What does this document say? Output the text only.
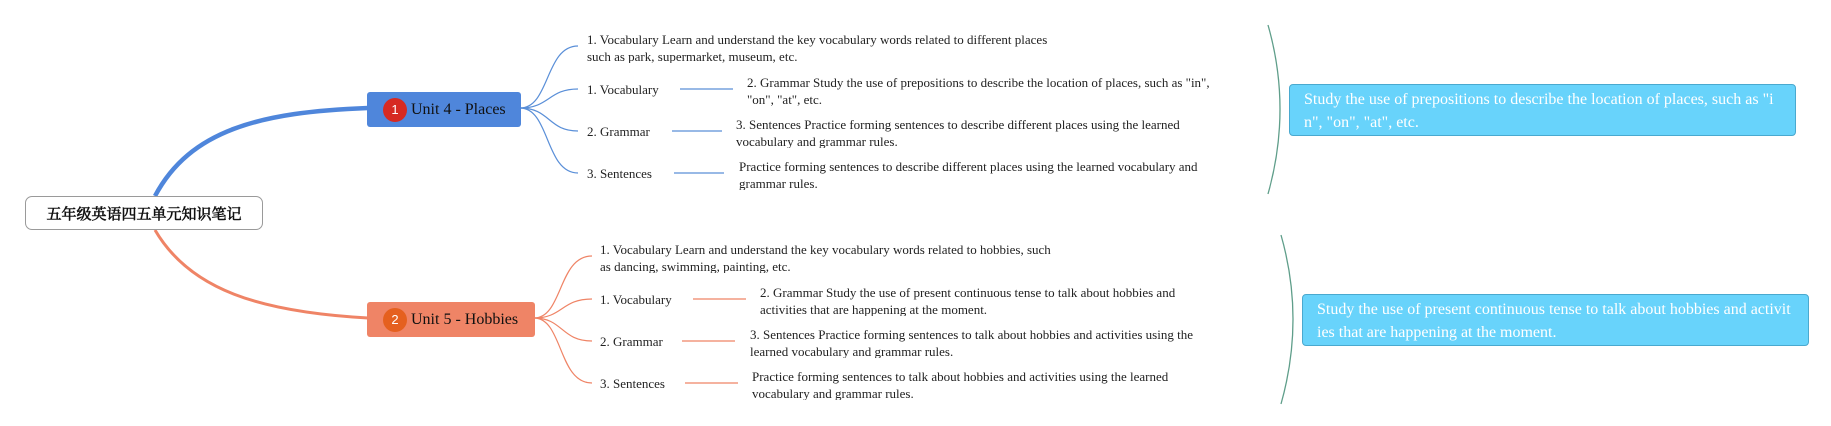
五年级英语四五单元知识笔记
1 Unit 4 - Places
1. Vocabulary Learn and understand the key vocabulary words related to different places
such as park, supermarket, museum, etc.
1. Vocabulary	2. Grammar Study the use of prepositions to describe the location of places, such as "in",
"on", "at", etc.
2. Grammar	3. Sentences Practice forming sentences to describe different places using the learned
vocabulary and grammar rules.
3. Sentences	Practice forming sentences to describe different places using the learned vocabulary and
grammar rules.
Study the use of prepositions to describe the location of places, such as "in", "on", "at", etc.
2 Unit 5 - Hobbies
1. Vocabulary Learn and understand the key vocabulary words related to hobbies, such
as dancing, swimming, painting, etc.
1. Vocabulary	2. Grammar Study the use of present continuous tense to talk about hobbies and
activities that are happening at the moment.
2. Grammar	3. Sentences Practice forming sentences to talk about hobbies and activities using the
learned vocabulary and grammar rules.
3. Sentences	Practice forming sentences to talk about hobbies and activities using the learned
vocabulary and grammar rules.
Study the use of present continuous tense to talk about hobbies and activities that are happening at the moment.
